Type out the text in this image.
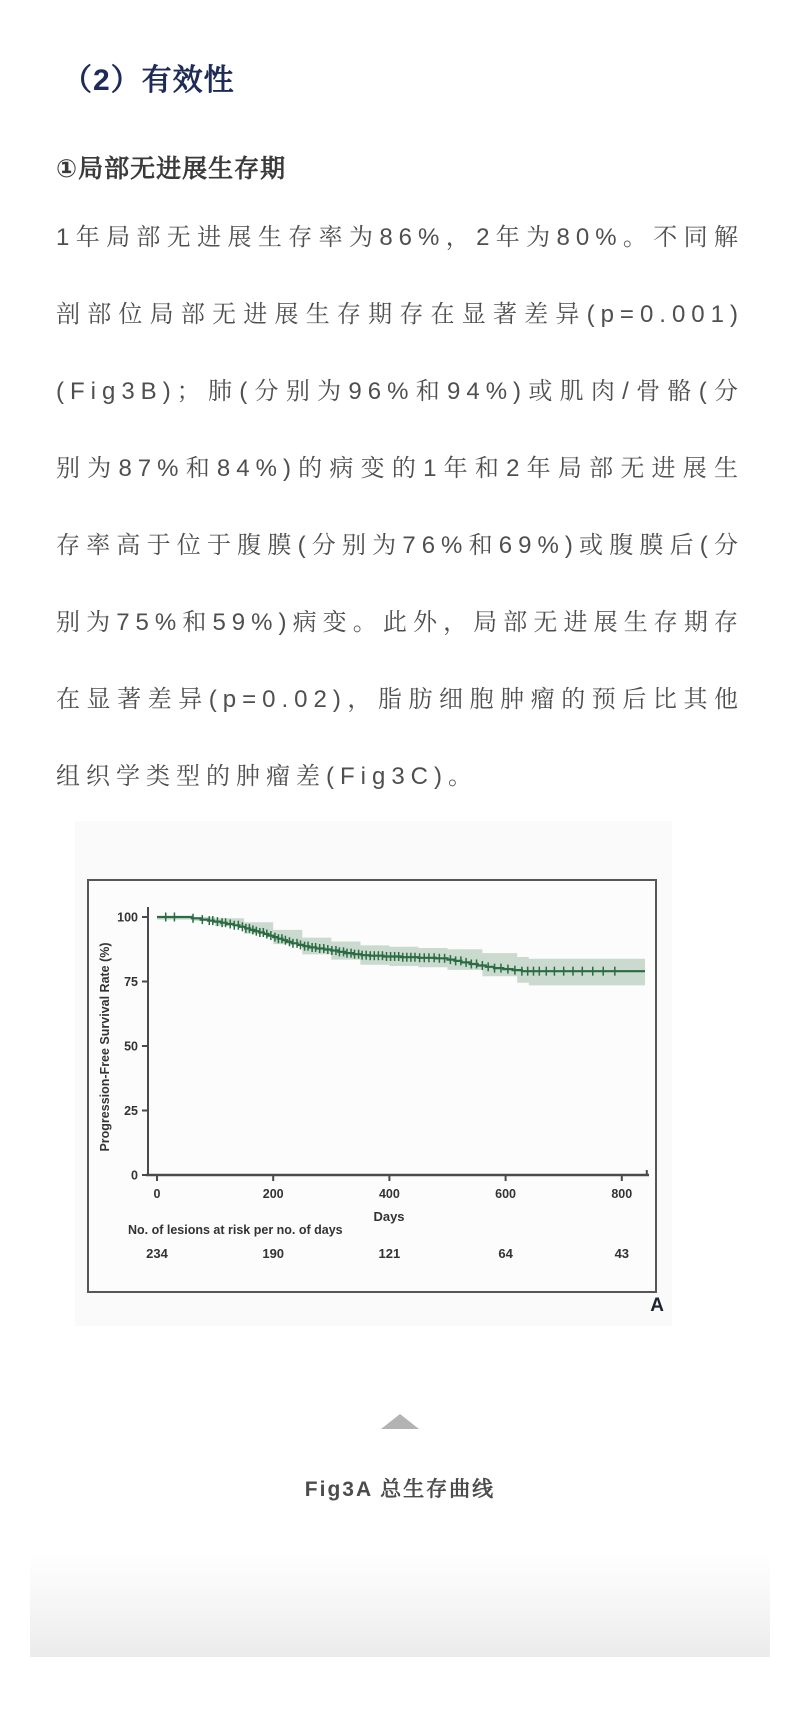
（2）有效性
①局部无进展生存期

1年局部无进展生存率为86%，2年为80%。不同解剖部位局部无进展生存期存在显著差异(p=0.001)(Fig3B)；肺(分别为96%和94%)或肌肉/骨骼(分别为87%和84%)的病变的1年和2年局部无进展生存率高于位于腹膜(分别为76%和69%)或腹膜后(分别为75%和59%)病变。此外，局部无进展生存期存在显著差异(p=0.02)，脂肪细胞肿瘤的预后比其他组织学类型的肿瘤差(Fig3C)。

0
25
50
75
100
0	200	400	600	800
Days
Progression-Free Survival Rate (%)
No. of lesions at risk per no. of days
234	190	121	64	43
A
Fig3A 总生存曲线
